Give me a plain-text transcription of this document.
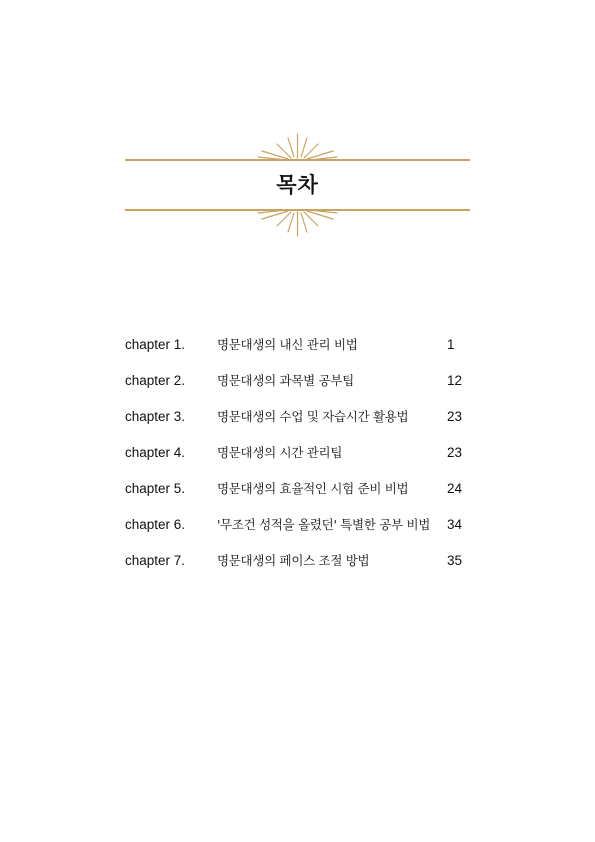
목차
chapter 1.	명문대생의 내신 관리 비법	1
chapter 2.	명문대생의 과목별 공부팁	12
chapter 3.	명문대생의 수업 및 자습시간 활용법	23
chapter 4.	명문대생의 시간 관리팁	23
chapter 5.	명문대생의 효율적인 시험 준비 비법	24
chapter 6.	'무조건 성적을 올렸던' 특별한 공부 비법 34
chapter 7.	명문대생의 페이스 조절 방법	35
